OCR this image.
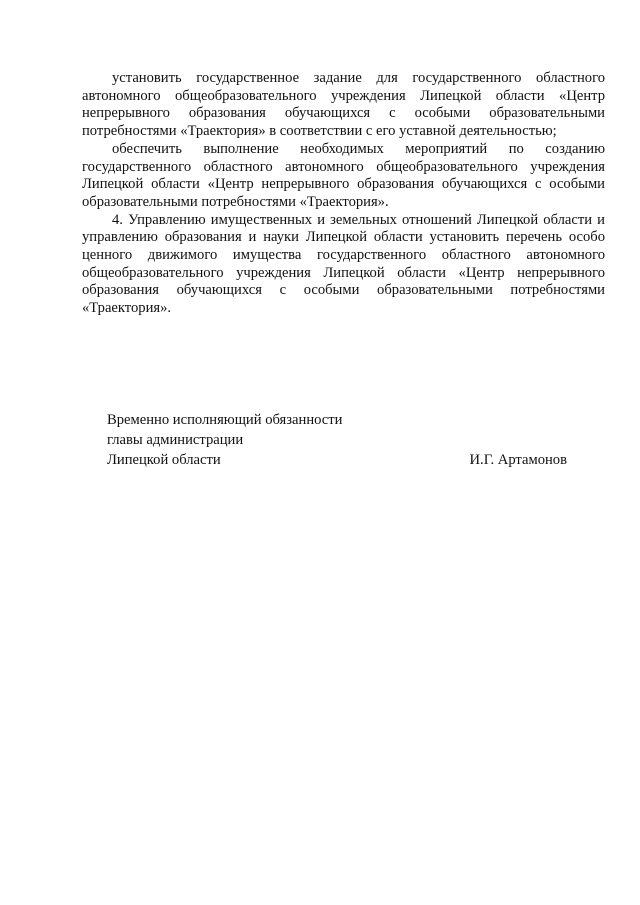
установить государственное задание для государственного областного автономного общеобразовательного учреждения Липецкой области «Центр непрерывного образования обучающихся с особыми образовательными потребностями «Траектория» в соответствии с его уставной деятельностью;

обеспечить выполнение необходимых мероприятий по созданию государственного областного автономного общеобразовательного учреждения Липецкой области «Центр непрерывного образования обучающихся с особыми образовательными потребностями «Траектория».

4. Управлению имущественных и земельных отношений Липецкой области и управлению образования и науки Липецкой области установить перечень особо ценного движимого имущества государственного областного автономного общеобразовательного учреждения Липецкой области «Центр непрерывного образования обучающихся с особыми образовательными потребностями «Траектория».

Временно исполняющий обязанности
главы администрации
Липецкой области	И.Г. Артамонов
